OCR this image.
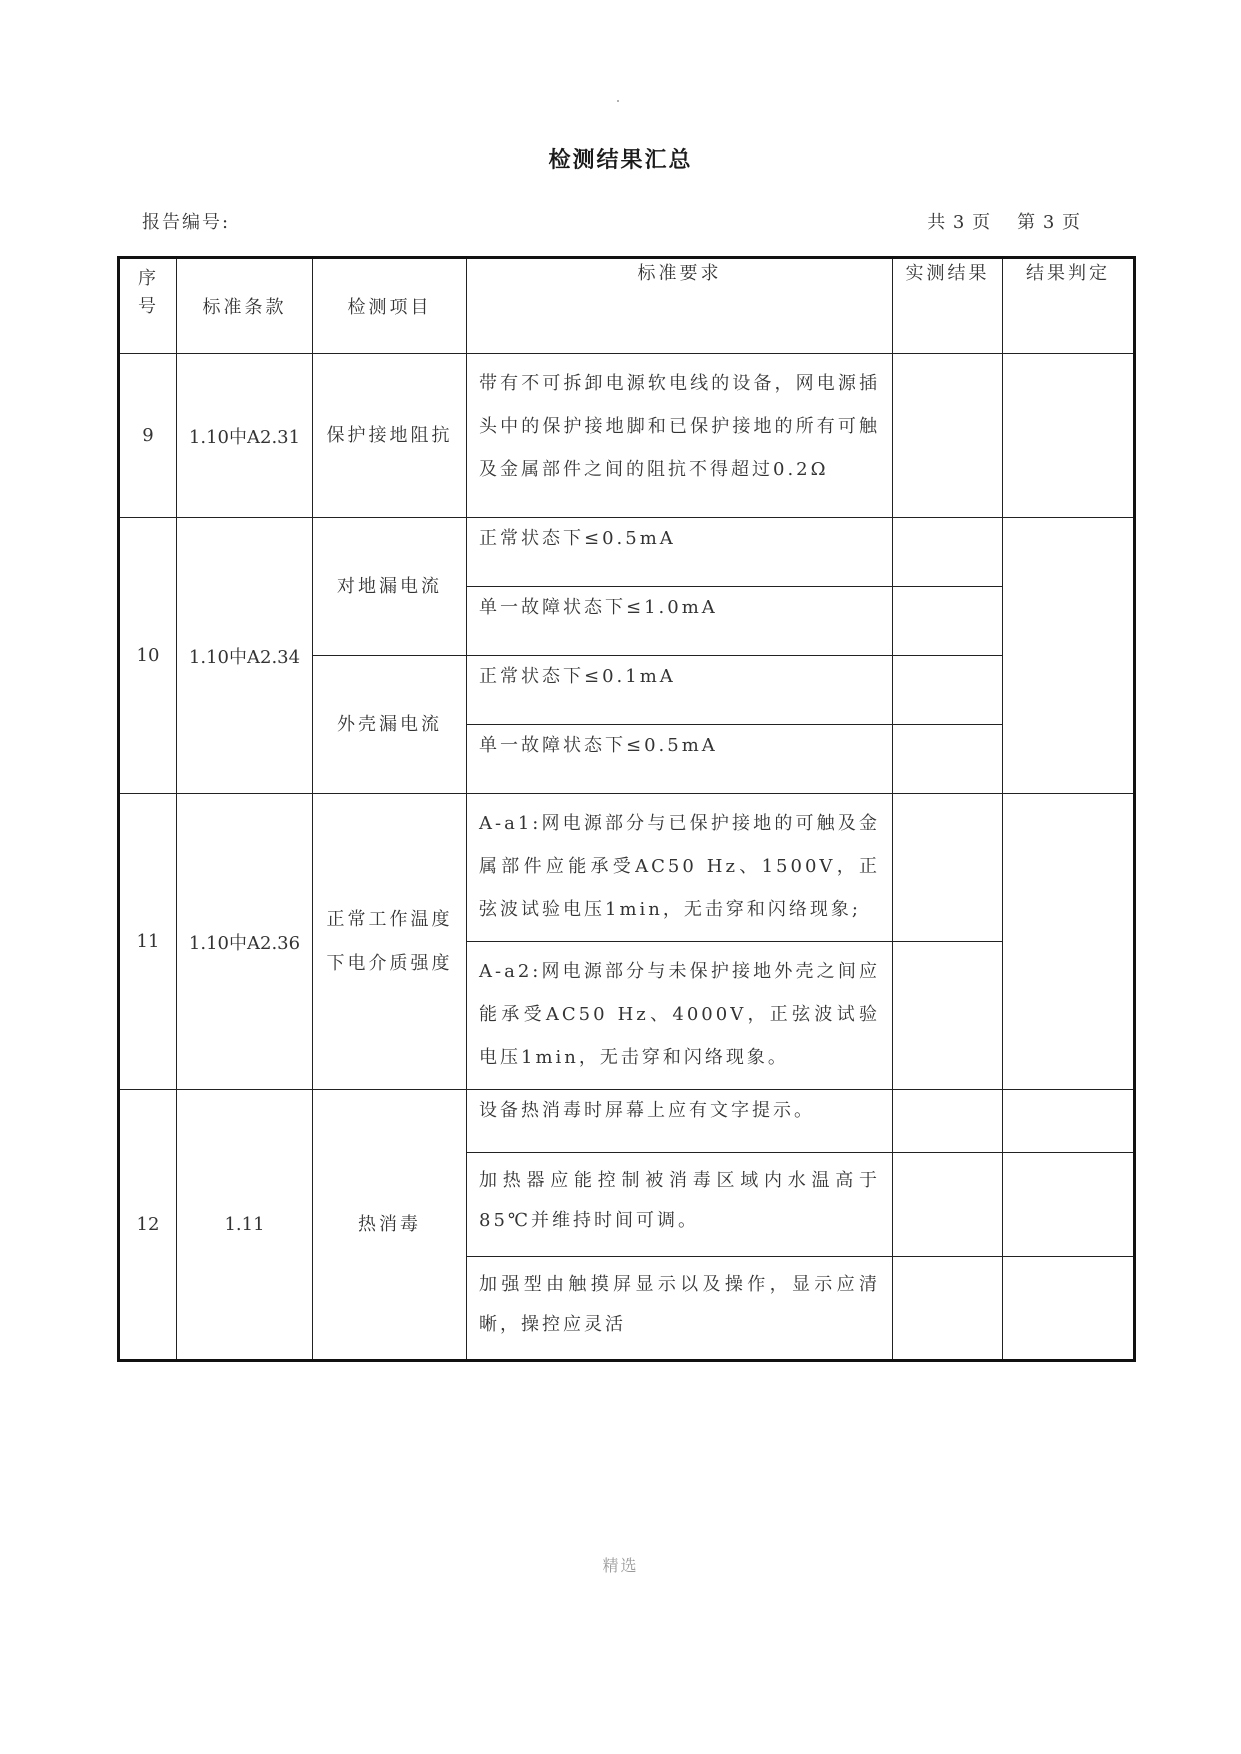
检测结果汇总
报告编号:	共 3 页 第 3 页
序号	标准条款	检测项目	标准要求	实测结果	结果判定
9	1.10中A2.31	保护接地阻抗	带有不可拆卸电源软电线的设备，网电源插头中的保护接地脚和已保护接地的所有可触及金属部件之间的阻抗不得超过0.2Ω		
10	1.10中A2.34	对地漏电流	正常状态下≤0.5mA		
			单一故障状态下≤1.0mA		
		外壳漏电流	正常状态下≤0.1mA		
			单一故障状态下≤0.5mA		
11	1.10中A2.36	正常工作温度下电介质强度	A-a1:网电源部分与已保护接地的可触及金属部件应能承受AC50 Hz、1500V，正弦波试验电压1min，无击穿和闪络现象;		
			A-a2:网电源部分与未保护接地外壳之间应能承受AC50 Hz、4000V，正弦波试验电压1min，无击穿和闪络现象。		
12	1.11	热消毒	设备热消毒时屏幕上应有文字提示。		
			加热器应能控制被消毒区域内水温高于85℃并维持时间可调。		
			加强型由触摸屏显示以及操作，显示应清晰，操控应灵活		
精选
